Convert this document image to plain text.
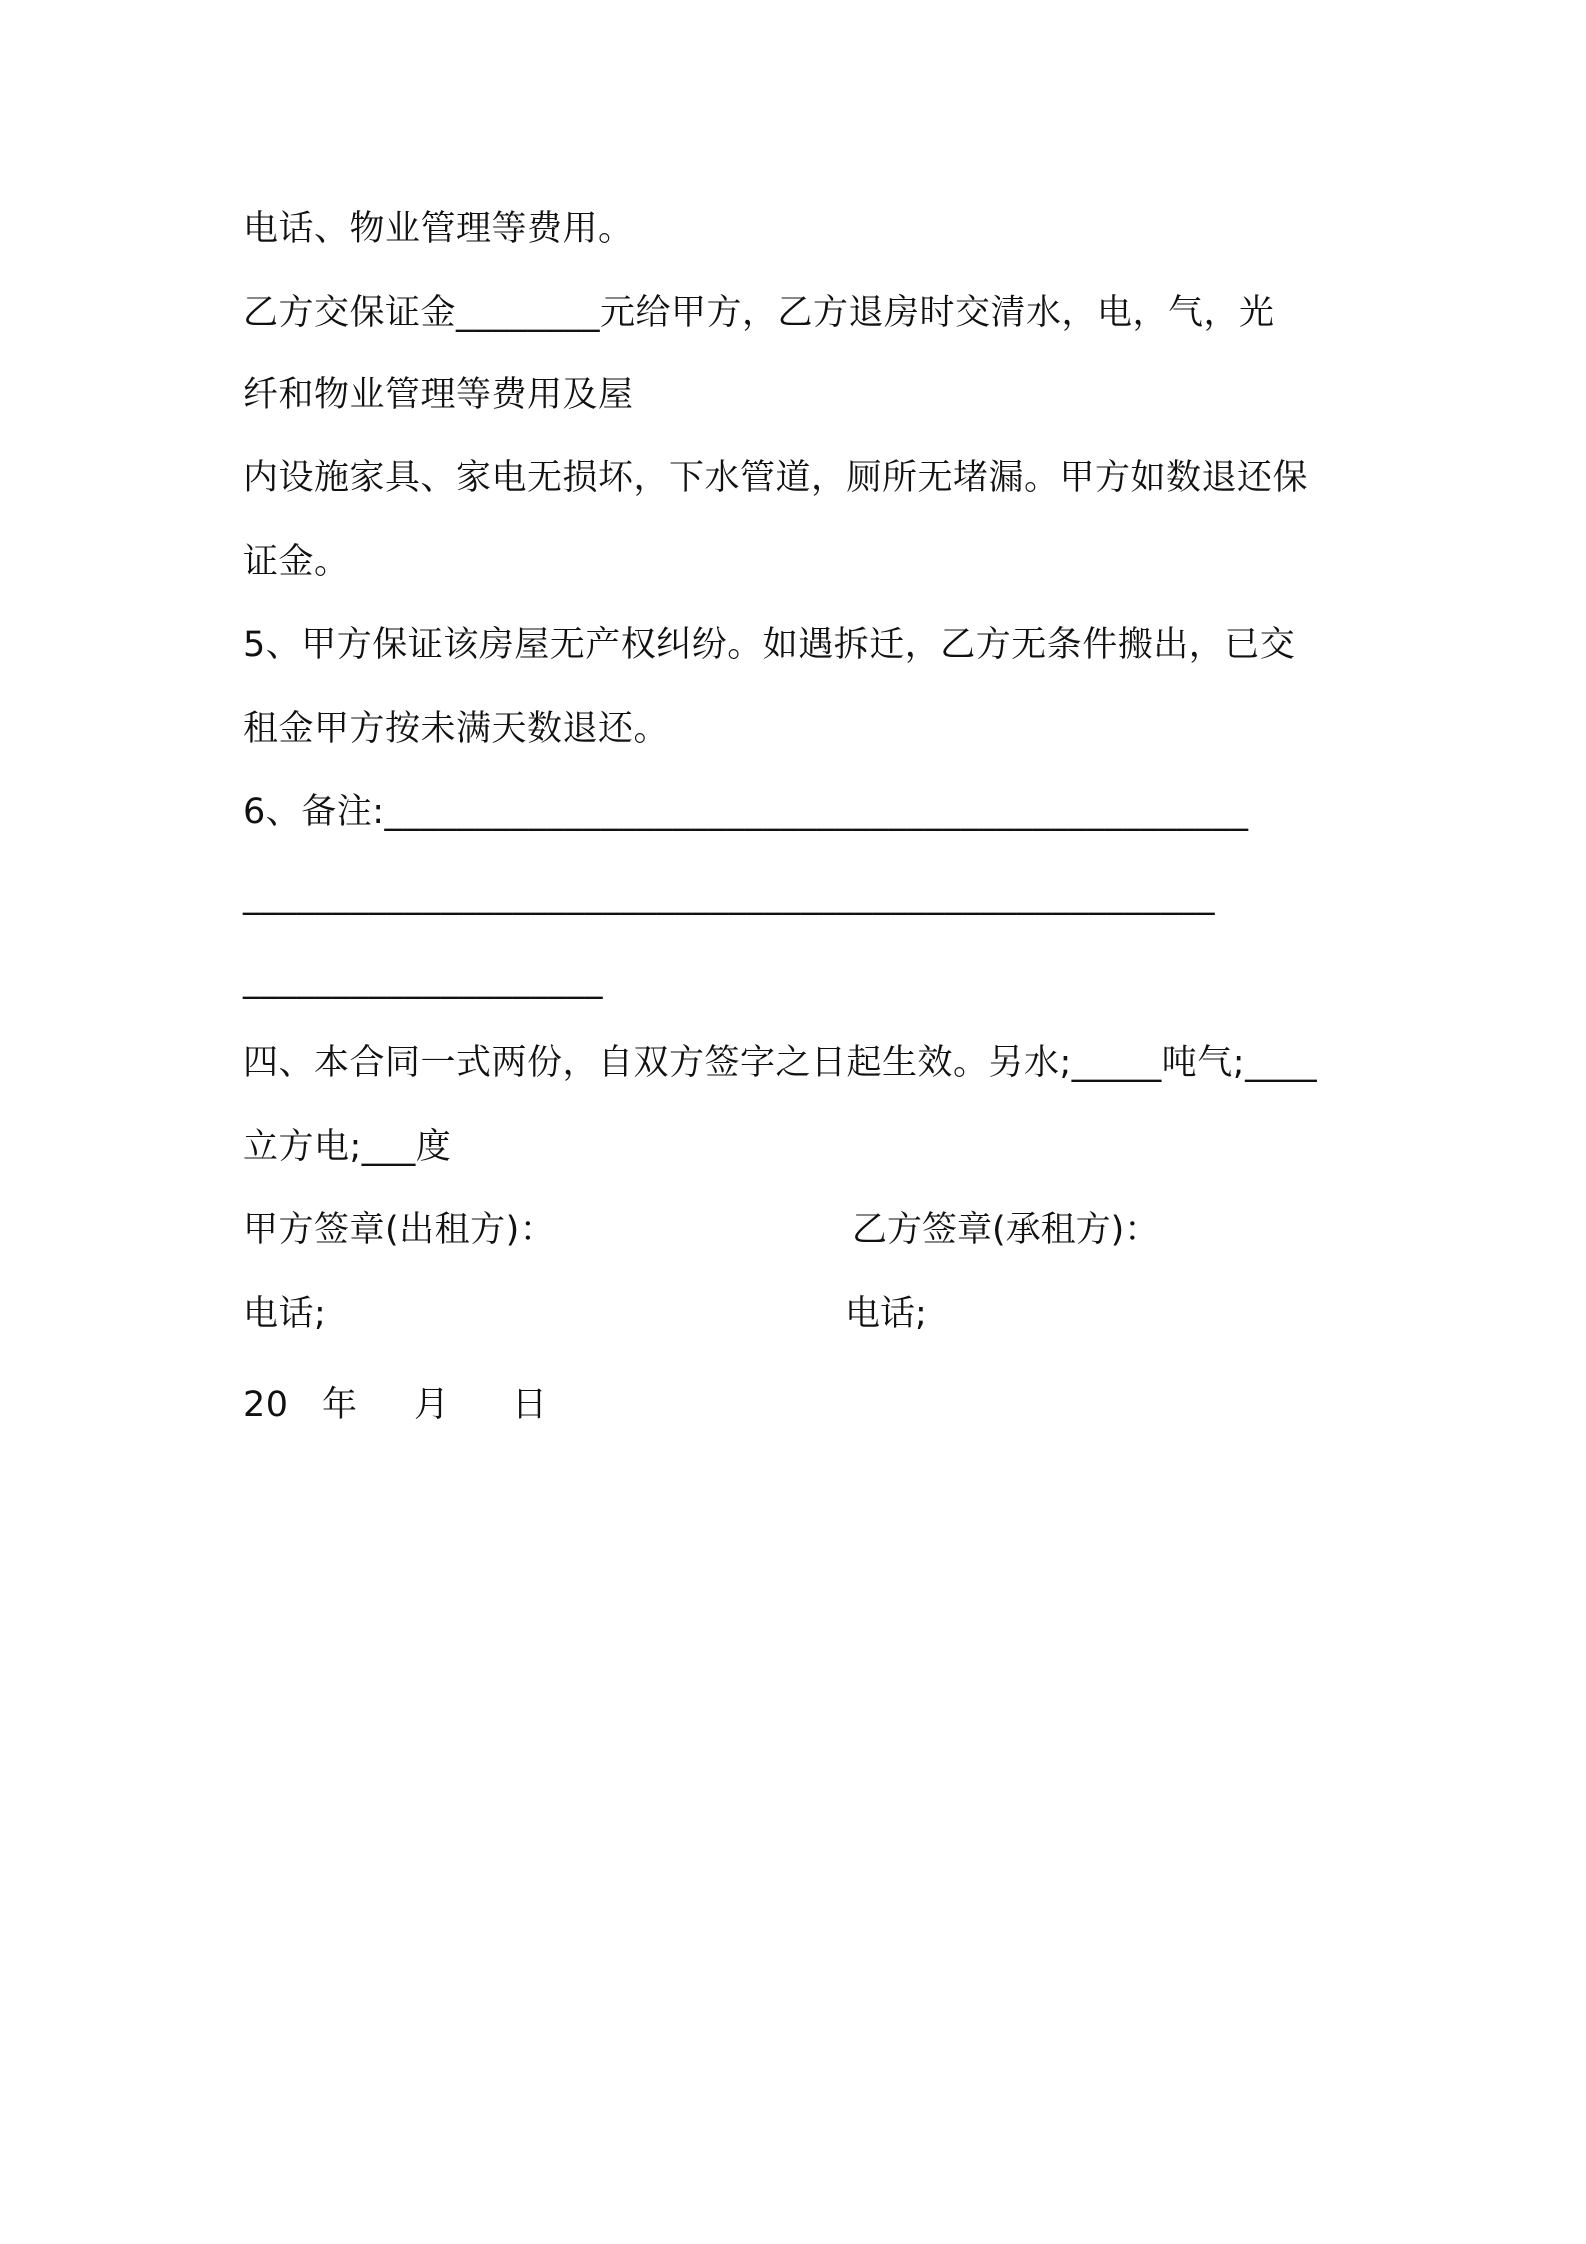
电话、物业管理等费用。
乙方交保证金________元给甲方，乙方退房时交清水，电，气，光
纤和物业管理等费用及屋
内设施家具、家电无损坏，下水管道，厕所无堵漏。甲方如数退还保
证金。
5、甲方保证该房屋无产权纠纷。如遇拆迁，乙方无条件搬出，已交
租金甲方按未满天数退还。
6、备注:________________________________________________
______________________________________________________
____________________
四、本合同一式两份，自双方签字之日起生效。另水;_____吨气;____
立方电;___度
甲方签章(出租方)：	乙方签章(承租方)：
电话;	电话;
20 年 月 日
